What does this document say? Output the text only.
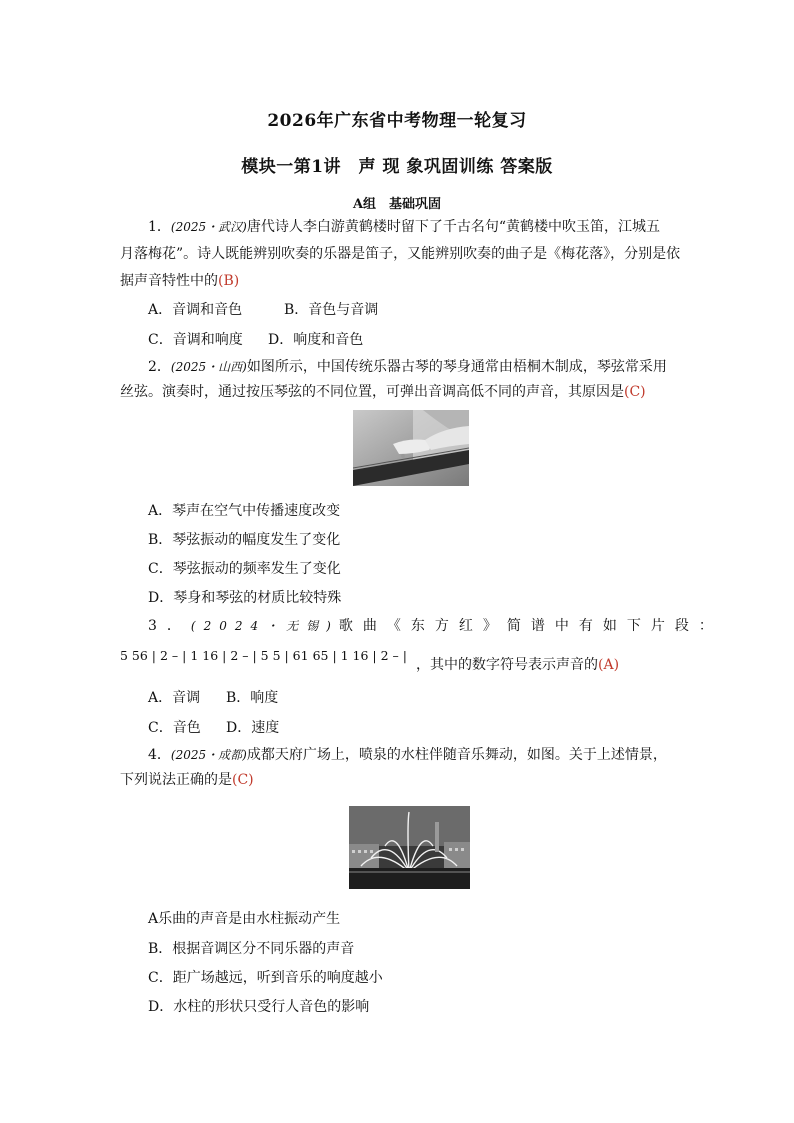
2026年广东省中考物理一轮复习
模块一第1讲　声 现 象巩固训练 答案版
A组　基础巩固
1．(2025・武汉)唐代诗人李白游黄鹤楼时留下了千古名句“黄鹤楼中吹玉笛，江城五
月落梅花”。诗人既能辨别吹奏的乐器是笛子，又能辨别吹奏的曲子是《梅花落》，分别是依
据声音特性中的(B)
A．音调和音色	B．音色与音调
C．音调和响度 D．响度和音色
2．(2025・山西)如图所示，中国传统乐器古琴的琴身通常由梧桐木制成，琴弦常采用
丝弦。演奏时，通过按压琴弦的不同位置，可弹出音调高低不同的声音，其原因是(C)
A．琴声在空气中传播速度改变
B．琴弦振动的幅度发生了变化
C．琴弦振动的频率发生了变化
D．琴身和琴弦的材质比较特殊
3．(2024・无锡)歌曲《东方红》简谱中有如下片段：
5 56 | 2 – | 1 16 | 2 – | 5 5 | 61 65 | 1 16 | 2 – |
，其中的数字符号表示声音的(A)
A．音调 B．响度
C．音色 D．速度
4．(2025・成都)成都天府广场上，喷泉的水柱伴随音乐舞动，如图。关于上述情景，
下列说法正确的是(C)
A乐曲的声音是由水柱振动产生
B．根据音调区分不同乐器的声音
C．距广场越远，听到音乐的响度越小
D．水柱的形状只受行人音色的影响
